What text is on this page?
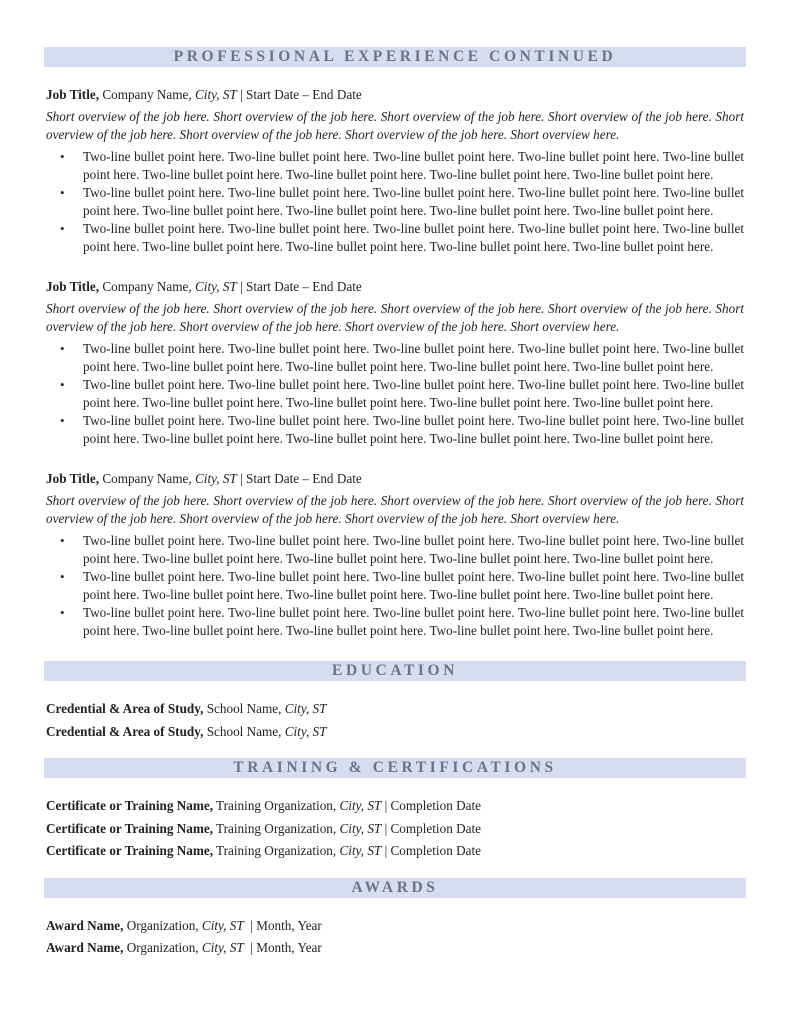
PROFESSIONAL EXPERIENCE CONTINUED

Job Title, Company Name, City, ST | Start Date – End Date

Short overview of the job here. Short overview of the job here. Short overview of the job here. Short overview of the job here. Short overview of the job here. Short overview of the job here. Short overview of the job here. Short overview here.

• Two-line bullet point here. Two-line bullet point here. Two-line bullet point here. Two-line bullet point here. Two-line bullet point here. Two-line bullet point here. Two-line bullet point here. Two-line bullet point here. Two-line bullet point here.
• Two-line bullet point here. Two-line bullet point here. Two-line bullet point here. Two-line bullet point here. Two-line bullet point here. Two-line bullet point here. Two-line bullet point here. Two-line bullet point here. Two-line bullet point here.
• Two-line bullet point here. Two-line bullet point here. Two-line bullet point here. Two-line bullet point here. Two-line bullet point here. Two-line bullet point here. Two-line bullet point here. Two-line bullet point here. Two-line bullet point here.

Job Title, Company Name, City, ST | Start Date – End Date

Short overview of the job here. Short overview of the job here. Short overview of the job here. Short overview of the job here. Short overview of the job here. Short overview of the job here. Short overview of the job here. Short overview here.

• Two-line bullet point here. Two-line bullet point here. Two-line bullet point here. Two-line bullet point here. Two-line bullet point here. Two-line bullet point here. Two-line bullet point here. Two-line bullet point here. Two-line bullet point here.
• Two-line bullet point here. Two-line bullet point here. Two-line bullet point here. Two-line bullet point here. Two-line bullet point here. Two-line bullet point here. Two-line bullet point here. Two-line bullet point here. Two-line bullet point here.
• Two-line bullet point here. Two-line bullet point here. Two-line bullet point here. Two-line bullet point here. Two-line bullet point here. Two-line bullet point here. Two-line bullet point here. Two-line bullet point here. Two-line bullet point here.

Job Title, Company Name, City, ST | Start Date – End Date

Short overview of the job here. Short overview of the job here. Short overview of the job here. Short overview of the job here. Short overview of the job here. Short overview of the job here. Short overview of the job here. Short overview here.

• Two-line bullet point here. Two-line bullet point here. Two-line bullet point here. Two-line bullet point here. Two-line bullet point here. Two-line bullet point here. Two-line bullet point here. Two-line bullet point here. Two-line bullet point here.
• Two-line bullet point here. Two-line bullet point here. Two-line bullet point here. Two-line bullet point here. Two-line bullet point here. Two-line bullet point here. Two-line bullet point here. Two-line bullet point here. Two-line bullet point here.
• Two-line bullet point here. Two-line bullet point here. Two-line bullet point here. Two-line bullet point here. Two-line bullet point here. Two-line bullet point here. Two-line bullet point here. Two-line bullet point here. Two-line bullet point here.
EDUCATION
Credential & Area of Study, School Name, City, ST
Credential & Area of Study, School Name, City, ST
TRAINING & CERTIFICATIONS
Certificate or Training Name, Training Organization, City, ST | Completion Date
Certificate or Training Name, Training Organization, City, ST | Completion Date
Certificate or Training Name, Training Organization, City, ST | Completion Date
AWARDS
Award Name, Organization, City, ST  | Month, Year
Award Name, Organization, City, ST  | Month, Year
